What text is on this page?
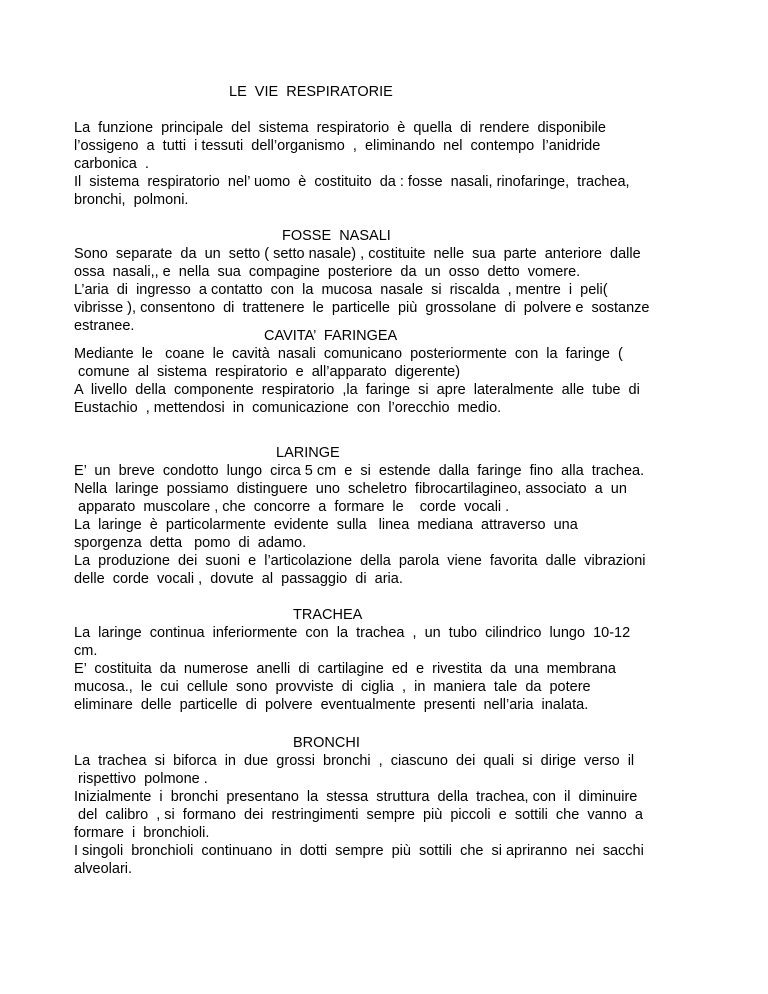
LE  VIE  RESPIRATORIE
La  funzione  principale  del  sistema  respiratorio  è  quella  di  rendere  disponibile
l’ossigeno  a  tutti  i tessuti  dell’organismo  ,  eliminando  nel  contempo  l’anidride
carbonica  .
Il  sistema  respiratorio  nel’ uomo  è  costituito  da : fosse  nasali, rinofaringe,  trachea,
bronchi,  polmoni.
FOSSE  NASALI
Sono  separate  da  un  setto ( setto nasale) , costituite  nelle  sua  parte  anteriore  dalle
ossa  nasali,, e  nella  sua  compagine  posteriore  da  un  osso  detto  vomere.
L’aria  di  ingresso  a contatto  con  la  mucosa  nasale  si  riscalda  , mentre  i  peli(
vibrisse ), consentono  di  trattenere  le  particelle  più  grossolane  di  polvere e  sostanze
estranee.
CAVITA’  FARINGEA
Mediante  le   coane  le  cavità  nasali  comunicano  posteriormente  con  la  faringe  (
comune  al  sistema  respiratorio  e  all’apparato  digerente)
A  livello  della  componente  respiratorio  ,la  faringe  si  apre  lateralmente  alle  tube  di
Eustachio  , mettendosi  in  comunicazione  con  l’orecchio  medio.
LARINGE
E’  un  breve  condotto  lungo  circa 5 cm  e  si  estende  dalla  faringe  fino  alla  trachea.
Nella  laringe  possiamo  distinguere  uno  scheletro  fibrocartilagineo, associato  a  un
apparato  muscolare , che  concorre  a  formare  le    corde  vocali .
La  laringe  è  particolarmente  evidente  sulla   linea  mediana  attraverso  una
sporgenza  detta   pomo  di  adamo.
La  produzione  dei  suoni  e  l’articolazione  della  parola  viene  favorita  dalle  vibrazioni
delle  corde  vocali ,  dovute  al  passaggio  di  aria.
TRACHEA
La  laringe  continua  inferiormente  con  la  trachea  ,  un  tubo  cilindrico  lungo  10-12
cm.
E’  costituita  da  numerose  anelli  di  cartilagine  ed  e  rivestita  da  una  membrana
mucosa.,  le  cui  cellule  sono  provviste  di  ciglia  ,  in  maniera  tale  da  potere
eliminare  delle  particelle  di  polvere  eventualmente  presenti  nell’aria  inalata.
BRONCHI
La  trachea  si  biforca  in  due  grossi  bronchi  ,  ciascuno  dei  quali  si  dirige  verso  il
rispettivo  polmone .
Inizialmente  i  bronchi  presentano  la  stessa  struttura  della  trachea, con  il  diminuire
del  calibro  , si  formano  dei  restringimenti  sempre  più  piccoli  e  sottili  che  vanno  a
formare  i  bronchioli.
I singoli  bronchioli  continuano  in  dotti  sempre  più  sottili  che  si apriranno  nei  sacchi
alveolari.
